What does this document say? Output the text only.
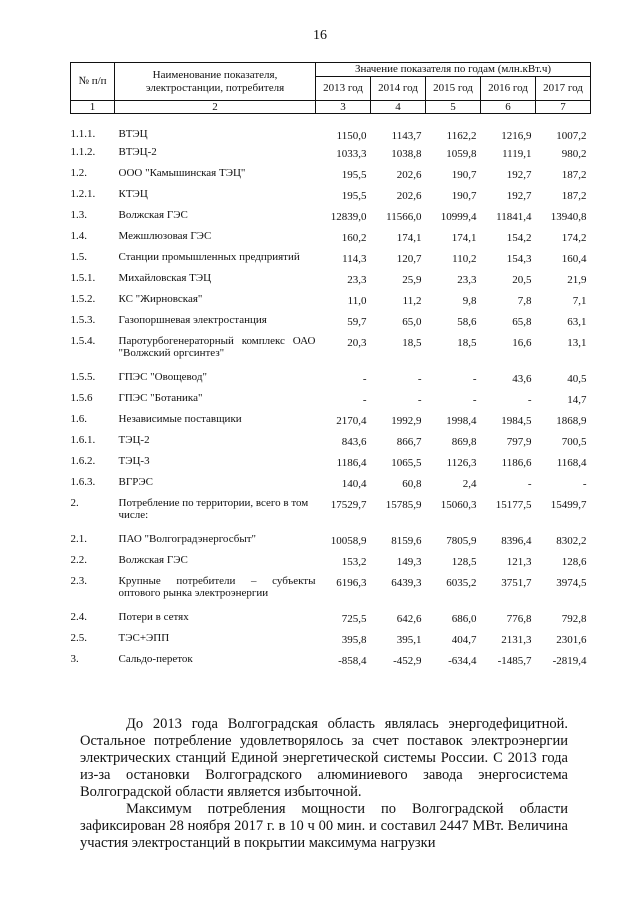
16
№ п/п	Наименование показателя, электростанции, потребителя	Значение показателя по годам (млн.кВт.ч)				
		2013 год	2014 год	2015 год	2016 год	2017 год
1	2	3	4	5	6	7
1.1.1.	ВТЭЦ	1150,0	1143,7	1162,2	1216,9	1007,2
1.1.2.	ВТЭЦ-2	1033,3	1038,8	1059,8	1119,1	980,2
1.2.	ООО "Камышинская ТЭЦ"	195,5	202,6	190,7	192,7	187,2
1.2.1.	КТЭЦ	195,5	202,6	190,7	192,7	187,2
1.3.	Волжская ГЭС	12839,0	11566,0	10999,4	11841,4	13940,8
1.4.	Межшлюзовая ГЭС	160,2	174,1	174,1	154,2	174,2
1.5.	Станции промышленных предприятий	114,3	120,7	110,2	154,3	160,4
1.5.1.	Михайловская ТЭЦ	23,3	25,9	23,3	20,5	21,9
1.5.2.	КС "Жирновская"	11,0	11,2	9,8	7,8	7,1
1.5.3.	Газопоршневая электростанция	59,7	65,0	58,6	65,8	63,1
1.5.4.	Паротурбогенераторный комплекс ОАО "Волжский оргсинтез"	20,3	18,5	18,5	16,6	13,1
1.5.5.	ГПЭС "Овощевод"	-	-	-	43,6	40,5
1.5.6	ГПЭС "Ботаника"	-	-	-	-	14,7
1.6.	Независимые поставщики	2170,4	1992,9	1998,4	1984,5	1868,9
1.6.1.	ТЭЦ-2	843,6	866,7	869,8	797,9	700,5
1.6.2.	ТЭЦ-3	1186,4	1065,5	1126,3	1186,6	1168,4
1.6.3.	ВГРЭС	140,4	60,8	2,4	-	-
2.	Потребление по территории, всего в том числе:	17529,7	15785,9	15060,3	15177,5	15499,7
2.1.	ПАО "Волгоградэнергосбыт"	10058,9	8159,6	7805,9	8396,4	8302,2
2.2.	Волжская ГЭС	153,2	149,3	128,5	121,3	128,6
2.3.	Крупные потребители – субъекты оптового рынка электроэнергии	6196,3	6439,3	6035,2	3751,7	3974,5
2.4.	Потери в сетях	725,5	642,6	686,0	776,8	792,8
2.5.	ТЭС+ЭПП	395,8	395,1	404,7	2131,3	2301,6
3.	Сальдо-переток	-858,4	-452,9	-634,4	-1485,7	-2819,4

До 2013 года Волгоградская область являлась энергодефицитной. Остальное потребление удовлетворялось за счет поставок электроэнергии электрических станций Единой энергетической системы России. С 2013 года из-за остановки Волгоградского алюминиевого завода энергосистема Волгоградской области является избыточной.

Максимум потребления мощности по Волгоградской области зафиксирован 28 ноября 2017 г. в 10 ч 00 мин. и составил 2447 МВт. Величина участия электростанций в покрытии максимума нагрузки
